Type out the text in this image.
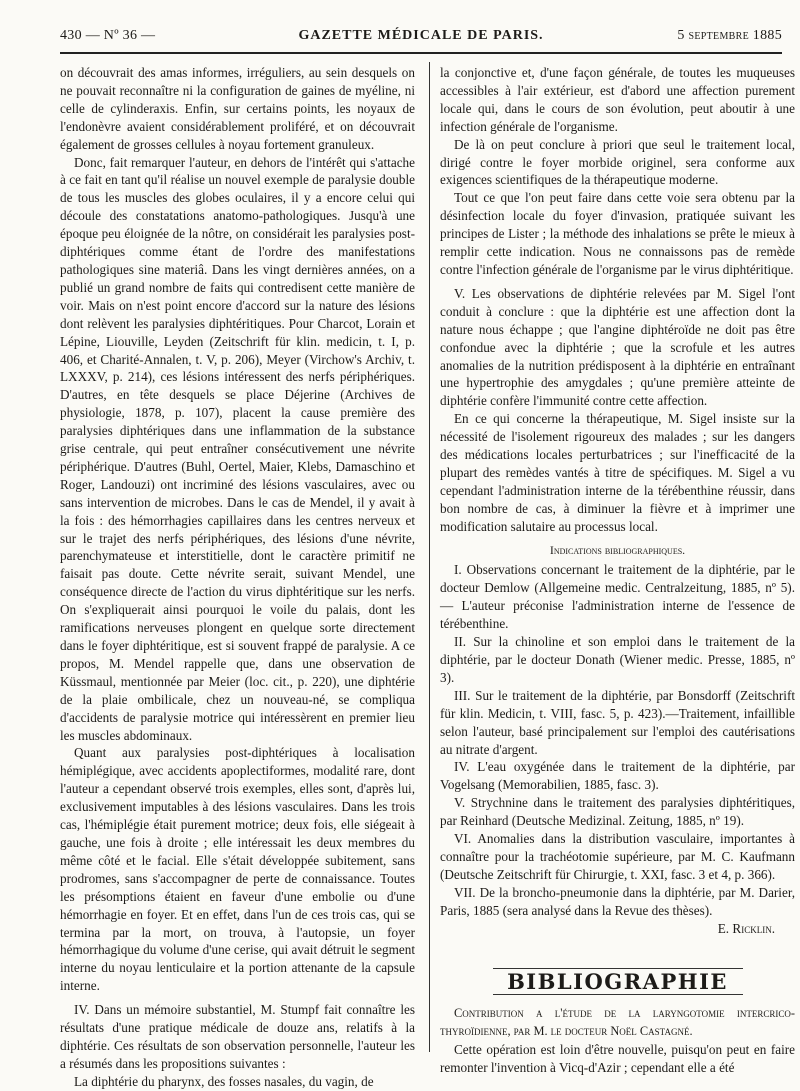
430 — Nº 36 —	GAZETTE MÉDICALE DE PARIS.	5 septembre 1885

on découvrait des amas informes, irréguliers, au sein desquels on ne pouvait reconnaître ni la configuration de gaines de myéline, ni celle de cylinderaxis. Enfin, sur certains points, les noyaux de l'endonèvre avaient considérablement proliféré, et on découvrait également de grosses cellules à noyau fortement granuleux.

Donc, fait remarquer l'auteur, en dehors de l'intérêt qui s'attache à ce fait en tant qu'il réalise un nouvel exemple de paralysie double de tous les muscles des globes oculaires, il y a encore celui qui découle des constatations anatomo-pathologiques. Jusqu'à une époque peu éloignée de la nôtre, on considérait les paralysies post-diphtériques comme étant de l'ordre des manifestations pathologiques sine materiâ. Dans les vingt dernières années, on a publié un grand nombre de faits qui contredisent cette manière de voir. Mais on n'est point encore d'accord sur la nature des lésions dont relèvent les paralysies diphtéritiques. Pour Charcot, Lorain et Lépine, Liouville, Leyden (Zeitschrift für klin. medicin, t. I, p. 406, et Charité-Annalen, t. V, p. 206), Meyer (Virchow's Archiv, t. LXXXV, p. 214), ces lésions intéressent des nerfs périphériques. D'autres, en tête desquels se place Déjerine (Archives de physiologie, 1878, p. 107), placent la cause première des paralysies diphtériques dans une inflammation de la substance grise centrale, qui peut entraîner consécutivement une névrite périphérique. D'autres (Buhl, Oertel, Maier, Klebs, Damaschino et Roger, Landouzi) ont incriminé des lésions vasculaires, avec ou sans intervention de microbes. Dans le cas de Mendel, il y avait à la fois : des hémorrhagies capillaires dans les centres nerveux et sur le trajet des nerfs périphériques, des lésions d'une névrite, parenchymateuse et interstitielle, dont le caractère primitif ne faisait pas doute. Cette névrite serait, suivant Mendel, une conséquence directe de l'action du virus diphtéritique sur les nerfs. On s'expliquerait ainsi pourquoi le voile du palais, dont les ramifications nerveuses plongent en quelque sorte directement dans le foyer diphtéritique, est si souvent frappé de paralysie. A ce propos, M. Mendel rappelle que, dans une observation de Küssmaul, mentionnée par Meier (loc. cit., p. 220), une diphtérie de la plaie ombilicale, chez un nouveau-né, se compliqua d'accidents de paralysie motrice qui intéressèrent en premier lieu les muscles abdominaux.

Quant aux paralysies post-diphtériques à localisation hémiplégique, avec accidents apoplectiformes, modalité rare, dont l'auteur a cependant observé trois exemples, elles sont, d'après lui, exclusivement imputables à des lésions vasculaires. Dans les trois cas, l'hémiplégie était purement motrice; deux fois, elle siégeait à gauche, une fois à droite ; elle intéressait les deux membres du même côté et le facial. Elle s'était développée subitement, sans prodromes, sans s'accompagner de perte de connaissance. Toutes les présomptions étaient en faveur d'une embolie ou d'une hémorrhagie en foyer. Et en effet, dans l'un de ces trois cas, qui se termina par la mort, on trouva, à l'autopsie, un foyer hémorrhagique du volume d'une cerise, qui avait détruit le segment interne du noyau lenticulaire et la portion attenante de la capsule interne.

IV. Dans un mémoire substantiel, M. Stumpf fait connaître les résultats d'une pratique médicale de douze ans, relatifs à la diphtérie. Ces résultats de son observation personnelle, l'auteur les a résumés dans les propositions suivantes :

La diphtérie du pharynx, des fosses nasales, du vagin, de

la conjonctive et, d'une façon générale, de toutes les muqueuses accessibles à l'air extérieur, est d'abord une affection purement locale qui, dans le cours de son évolution, peut aboutir à une infection générale de l'organisme.

De là on peut conclure à priori que seul le traitement local, dirigé contre le foyer morbide originel, sera conforme aux exigences scientifiques de la thérapeutique moderne.

Tout ce que l'on peut faire dans cette voie sera obtenu par la désinfection locale du foyer d'invasion, pratiquée suivant les principes de Lister ; la méthode des inhalations se prête le mieux à remplir cette indication. Nous ne connaissons pas de remède contre l'infection générale de l'organisme par le virus diphtéritique.

V. Les observations de diphtérie relevées par M. Sigel l'ont conduit à conclure : que la diphtérie est une affection dont la nature nous échappe ; que l'angine diphtéroïde ne doit pas être confondue avec la diphtérie ; que la scrofule et les autres anomalies de la nutrition prédisposent à la diphtérie en entraînant une hypertrophie des amygdales ; qu'une première atteinte de diphtérie confère l'immunité contre cette affection.

En ce qui concerne la thérapeutique, M. Sigel insiste sur la nécessité de l'isolement rigoureux des malades ; sur les dangers des médications locales perturbatrices ; sur l'inefficacité de la plupart des remèdes vantés à titre de spécifiques. M. Sigel a vu cependant l'administration interne de la térébenthine réussir, dans bon nombre de cas, à diminuer la fièvre et à imprimer une modification salutaire au processus local.

Indications bibliographiques.

I. Observations concernant le traitement de la diphtérie, par le docteur Demlow (Allgemeine medic. Centralzeitung, 1885, nº 5). — L'auteur préconise l'administration interne de l'essence de térébenthine.

II. Sur la chinoline et son emploi dans le traitement de la diphtérie, par le docteur Donath (Wiener medic. Presse, 1885, nº 3).

III. Sur le traitement de la diphtérie, par Bonsdorff (Zeitschrift für klin. Medicin, t. VIII, fasc. 5, p. 423).—Traitement, infaillible selon l'auteur, basé principalement sur l'emploi des cautérisations au nitrate d'argent.

IV. L'eau oxygénée dans le traitement de la diphtérie, par Vogelsang (Memorabilien, 1885, fasc. 3).

V. Strychnine dans le traitement des paralysies diphtéritiques, par Reinhard (Deutsche Medizinal. Zeitung, 1885, nº 19).

VI. Anomalies dans la distribution vasculaire, importantes à connaître pour la trachéotomie supérieure, par M. C. Kaufmann (Deutsche Zeitschrift für Chirurgie, t. XXI, fasc. 3 et 4, p. 366).

VII. De la broncho-pneumonie dans la diphtérie, par M. Darier, Paris, 1885 (sera analysé dans la Revue des thèses).

E. Ricklin.
BIBLIOGRAPHIE

Contribution a l'étude de la laryngotomie intercrico-thyroïdienne, par M. le docteur Noël Castagné.

Cette opération est loin d'être nouvelle, puisqu'on peut en faire remonter l'invention à Vicq-d'Azir ; cependant elle a été
